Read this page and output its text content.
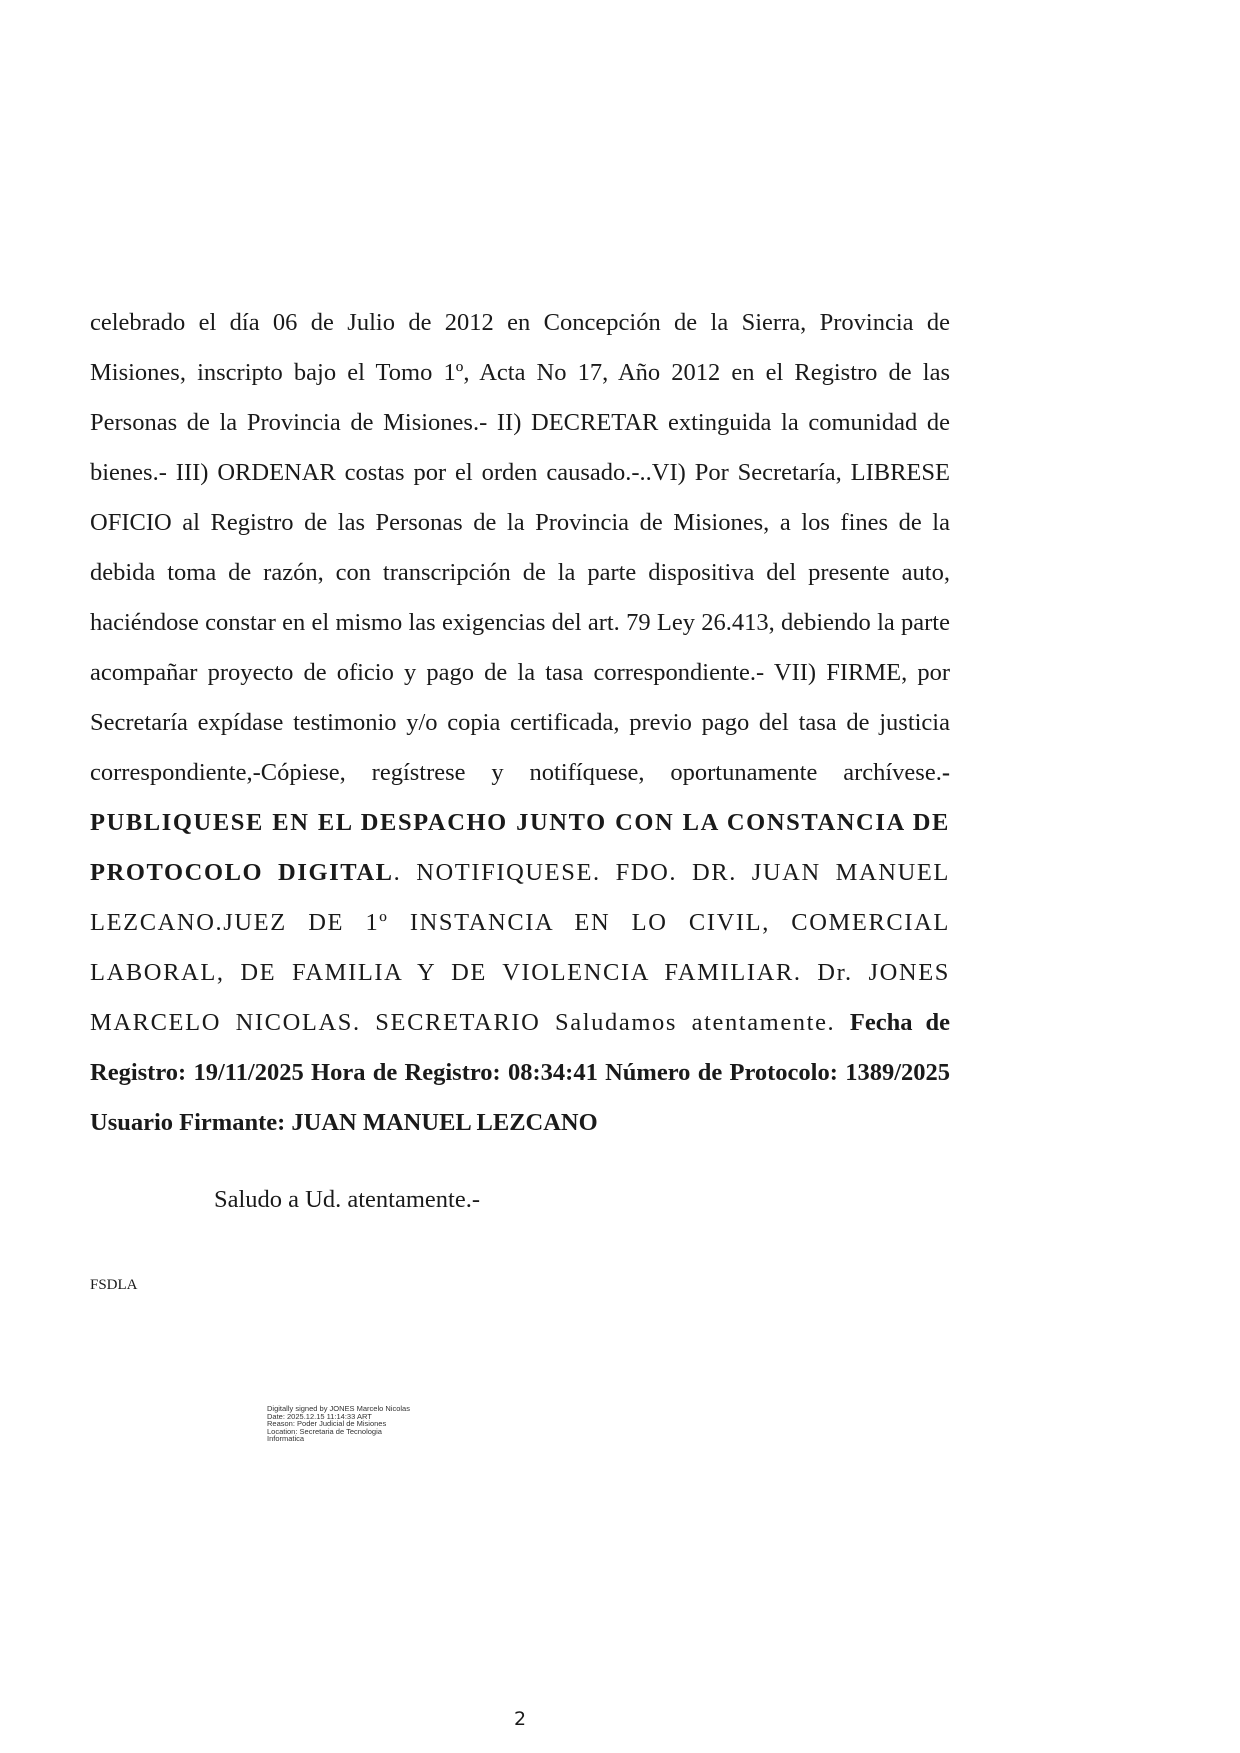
celebrado el día 06 de Julio de 2012 en Concepción de la Sierra, Provincia de Misiones, inscripto bajo el Tomo 1º, Acta No 17, Año 2012 en el Registro de las Personas de la Provincia de Misiones.- II) DECRETAR extinguida la comunidad de bienes.- III) ORDENAR costas por el orden causado.-..VI) Por Secretaría, LIBRESE OFICIO al Registro de las Personas de la Provincia de Misiones, a los fines de la debida toma de razón, con transcripción de la parte dispositiva del presente auto, haciéndose constar en el mismo las exigencias del art. 79 Ley 26.413, debiendo la parte acompañar proyecto de oficio y pago de la tasa correspondiente.- VII) FIRME, por Secretaría expídase testimonio y/o copia certificada, previo pago del tasa de justicia correspondiente,-Cópiese, regístrese y notifíquese, oportunamente archívese.- PUBLIQUESE EN EL DESPACHO JUNTO CON LA CONSTANCIA DE PROTOCOLO DIGITAL. NOTIFIQUESE. FDO. DR. JUAN MANUEL LEZCANO.JUEZ DE 1º INSTANCIA EN LO CIVIL, COMERCIAL LABORAL, DE FAMILIA Y DE VIOLENCIA FAMILIAR. Dr. JONES MARCELO NICOLAS. SECRETARIO Saludamos atentamente. Fecha de Registro: 19/11/2025 Hora de Registro: 08:34:41 Número de Protocolo: 1389/2025 Usuario Firmante: JUAN MANUEL LEZCANO

Saludo a Ud. atentamente.-

FSDLA

Digitally signed by JONES Marcelo Nicolas
Date: 2025.12.15 11:14:33 ART
Reason: Poder Judicial de Misiones
Location: Secretaria de Tecnologia
Informatica

2
